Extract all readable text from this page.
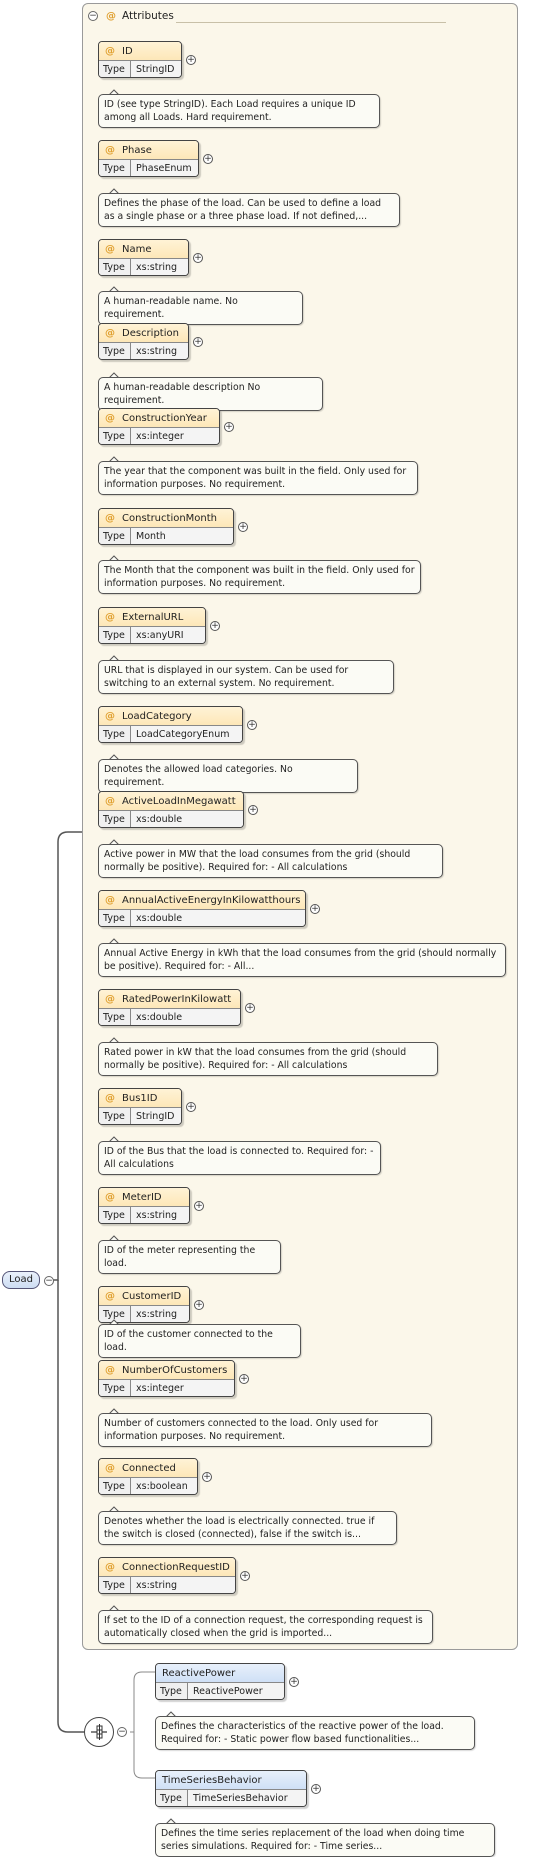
− @ Attributes
@ ID
Type	StringID
+
ID (see type StringID). Each Load requires a unique ID
among all Loads. Hard requirement.
@ Phase
Type	PhaseEnum
+
Defines the phase of the load. Can be used to define a load
as a single phase or a three phase load. If not defined,...
@ Name
Type	xs:string
+
A human-readable name. No requirement.
@ Description
Type	xs:string
+
A human-readable description No requirement.
@ ConstructionYear
Type	xs:integer
+
The year that the component was built in the field. Only used for
information purposes. No requirement.
@ ConstructionMonth
Type	Month
+
The Month that the component was built in the field. Only used for
information purposes. No requirement.
@ ExternalURL
Type	xs:anyURI
+
URL that is displayed in our system. Can be used for
switching to an external system. No requirement.
@ LoadCategory
Type	LoadCategoryEnum
+
Denotes the allowed load categories. No requirement.
@ ActiveLoadInMegawatt
Type	xs:double
+
Active power in MW that the load consumes from the grid (should
normally be positive). Required for: - All calculations
@ AnnualActiveEnergyInKilowatthours
Type	xs:double
+
Annual Active Energy in kWh that the load consumes from the grid (should normally
be positive). Required for: - All...
@ RatedPowerInKilowatt
Type	xs:double
+
Rated power in kW that the load consumes from the grid (should
normally be positive). Required for: - All calculations
@ Bus1ID
Type	StringID
+
ID of the Bus that the load is connected to. Required for: -
All calculations
@ MeterID
Type	xs:string
+
ID of the meter representing the load.
@ CustomerID
Type	xs:string
+
ID of the customer connected to the load.
@ NumberOfCustomers
Type	xs:integer
+
Number of customers connected to the load. Only used for
information purposes. No requirement.
@ Connected
Type	xs:boolean
+
Denotes whether the load is electrically connected. true if
the switch is closed (connected), false if the switch is...
@ ConnectionRequestID
Type	xs:string
+
If set to the ID of a connection request, the corresponding request is
automatically closed when the grid is imported...
ReactivePower
Type	ReactivePower
+
Defines the characteristics of the reactive power of the load.
Required for: - Static power flow based functionalities...
TimeSeriesBehavior
Type	TimeSeriesBehavior
+
Defines the time series replacement of the load when doing time
series simulations. Required for: - Time series...
Load	−
−
